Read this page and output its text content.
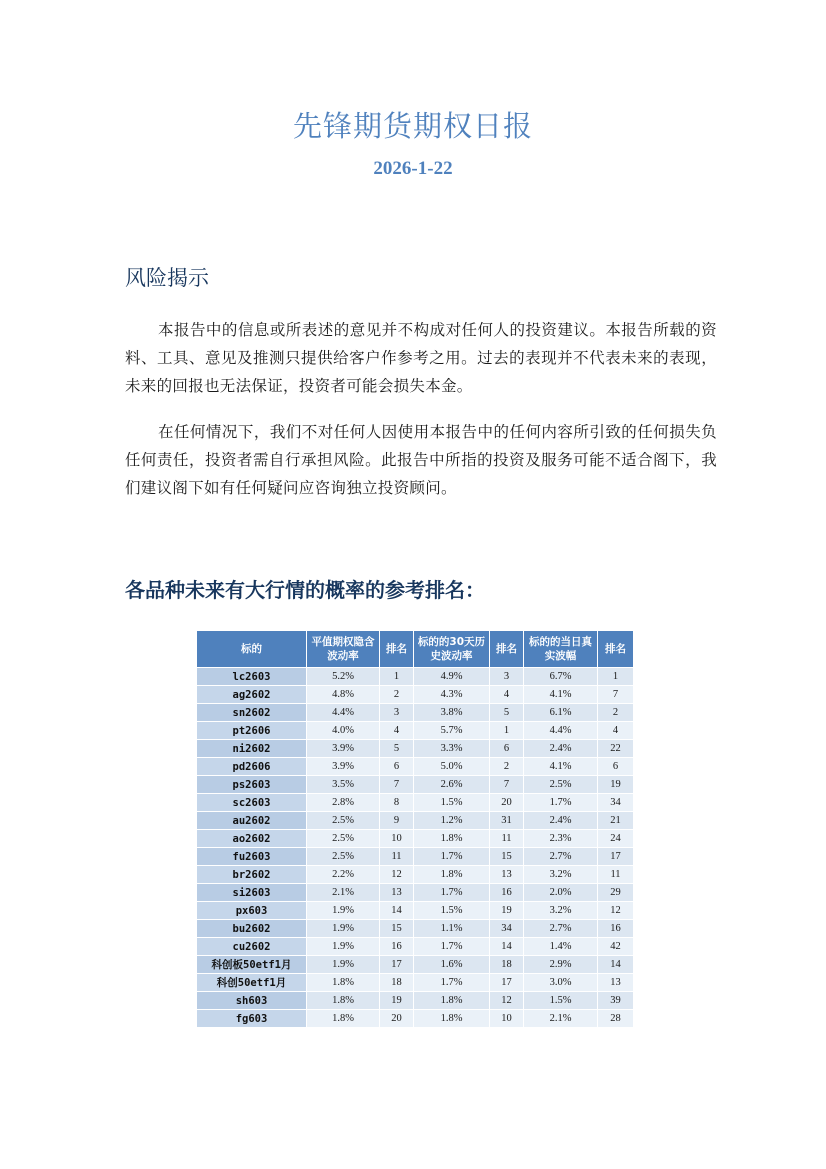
先锋期货期权日报
2026-1-22
风险揭示

本报告中的信息或所表述的意见并不构成对任何人的投资建议。本报告所载的资料、工具、意见及推测只提供给客户作参考之用。过去的表现并不代表未来的表现，未来的回报也无法保证，投资者可能会损失本金。

在任何情况下，我们不对任何人因使用本报告中的任何内容所引致的任何损失负任何责任，投资者需自行承担风险。此报告中所指的投资及服务可能不适合阁下，我们建议阁下如有任何疑问应咨询独立投资顾问。

各品种未来有大行情的概率的参考排名：
标的	平值期权隐含波动率	排名	标的的30天历史波动率	排名	标的的当日真实波幅	排名
lc2603	5.2%	1	4.9%	3	6.7%	1
ag2602	4.8%	2	4.3%	4	4.1%	7
sn2602	4.4%	3	3.8%	5	6.1%	2
pt2606	4.0%	4	5.7%	1	4.4%	4
ni2602	3.9%	5	3.3%	6	2.4%	22
pd2606	3.9%	6	5.0%	2	4.1%	6
ps2603	3.5%	7	2.6%	7	2.5%	19
sc2603	2.8%	8	1.5%	20	1.7%	34
au2602	2.5%	9	1.2%	31	2.4%	21
ao2602	2.5%	10	1.8%	11	2.3%	24
fu2603	2.5%	11	1.7%	15	2.7%	17
br2602	2.2%	12	1.8%	13	3.2%	11
si2603	2.1%	13	1.7%	16	2.0%	29
px603	1.9%	14	1.5%	19	3.2%	12
bu2602	1.9%	15	1.1%	34	2.7%	16
cu2602	1.9%	16	1.7%	14	1.4%	42
科创板50etf1月	1.9%	17	1.6%	18	2.9%	14
科创50etf1月	1.8%	18	1.7%	17	3.0%	13
sh603	1.8%	19	1.8%	12	1.5%	39
fg603	1.8%	20	1.8%	10	2.1%	28
